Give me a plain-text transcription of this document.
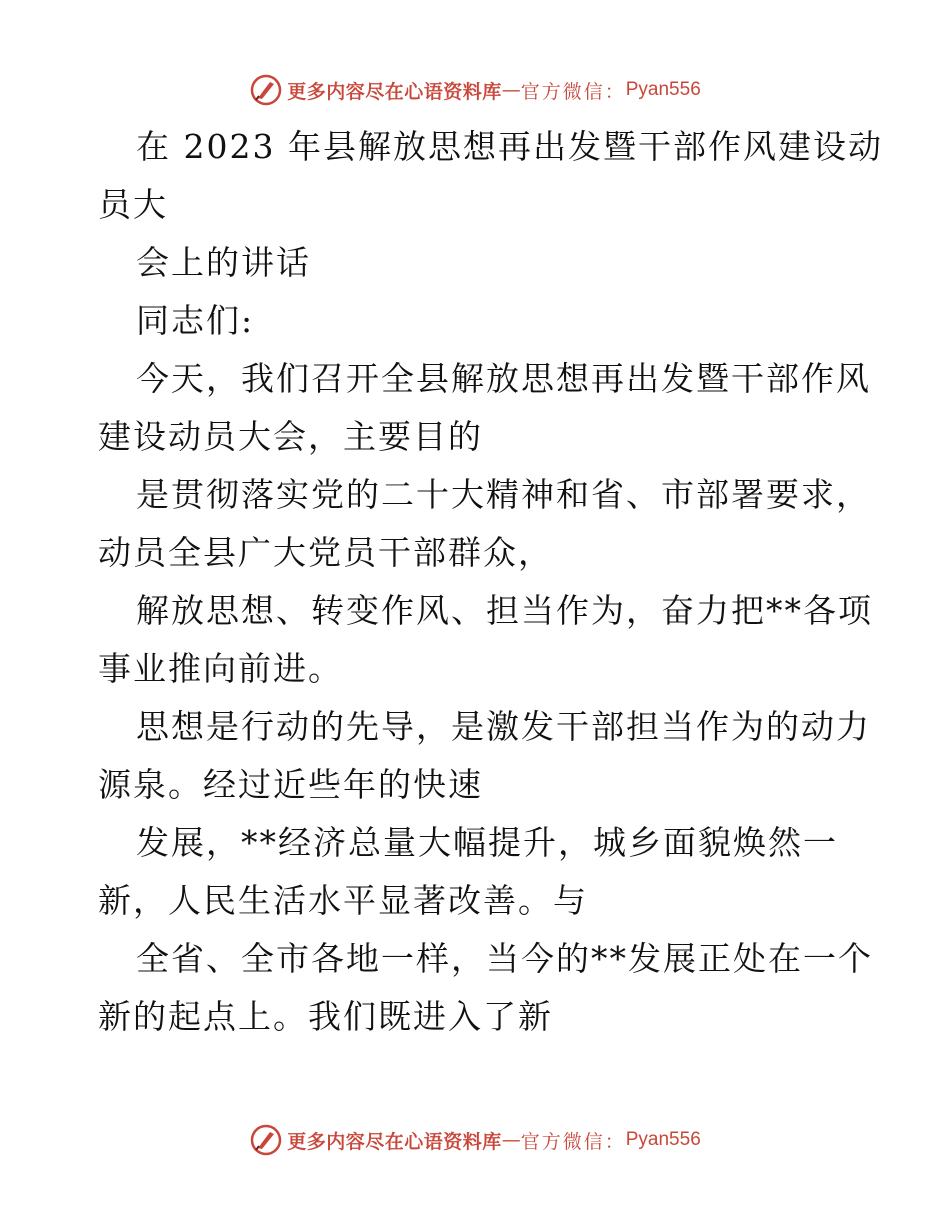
更多内容尽在心语资料库 — 官方微信： Pyan556
在 2023 年县解放思想再出发暨干部作风建设动
员大
会上的讲话
同志们:
今天，我们召开全县解放思想再出发暨干部作风
建设动员大会，主要目的
是贯彻落实党的二十大精神和省、市部署要求，
动员全县广大党员干部群众，
解放思想、转变作风、担当作为，奋力把**各项
事业推向前进。
思想是行动的先导，是激发干部担当作为的动力
源泉。经过近些年的快速
发展，**经济总量大幅提升，城乡面貌焕然一
新，人民生活水平显著改善。与
全省、全市各地一样，当今的**发展正处在一个
新的起点上。我们既进入了新
更多内容尽在心语资料库 — 官方微信： Pyan556
